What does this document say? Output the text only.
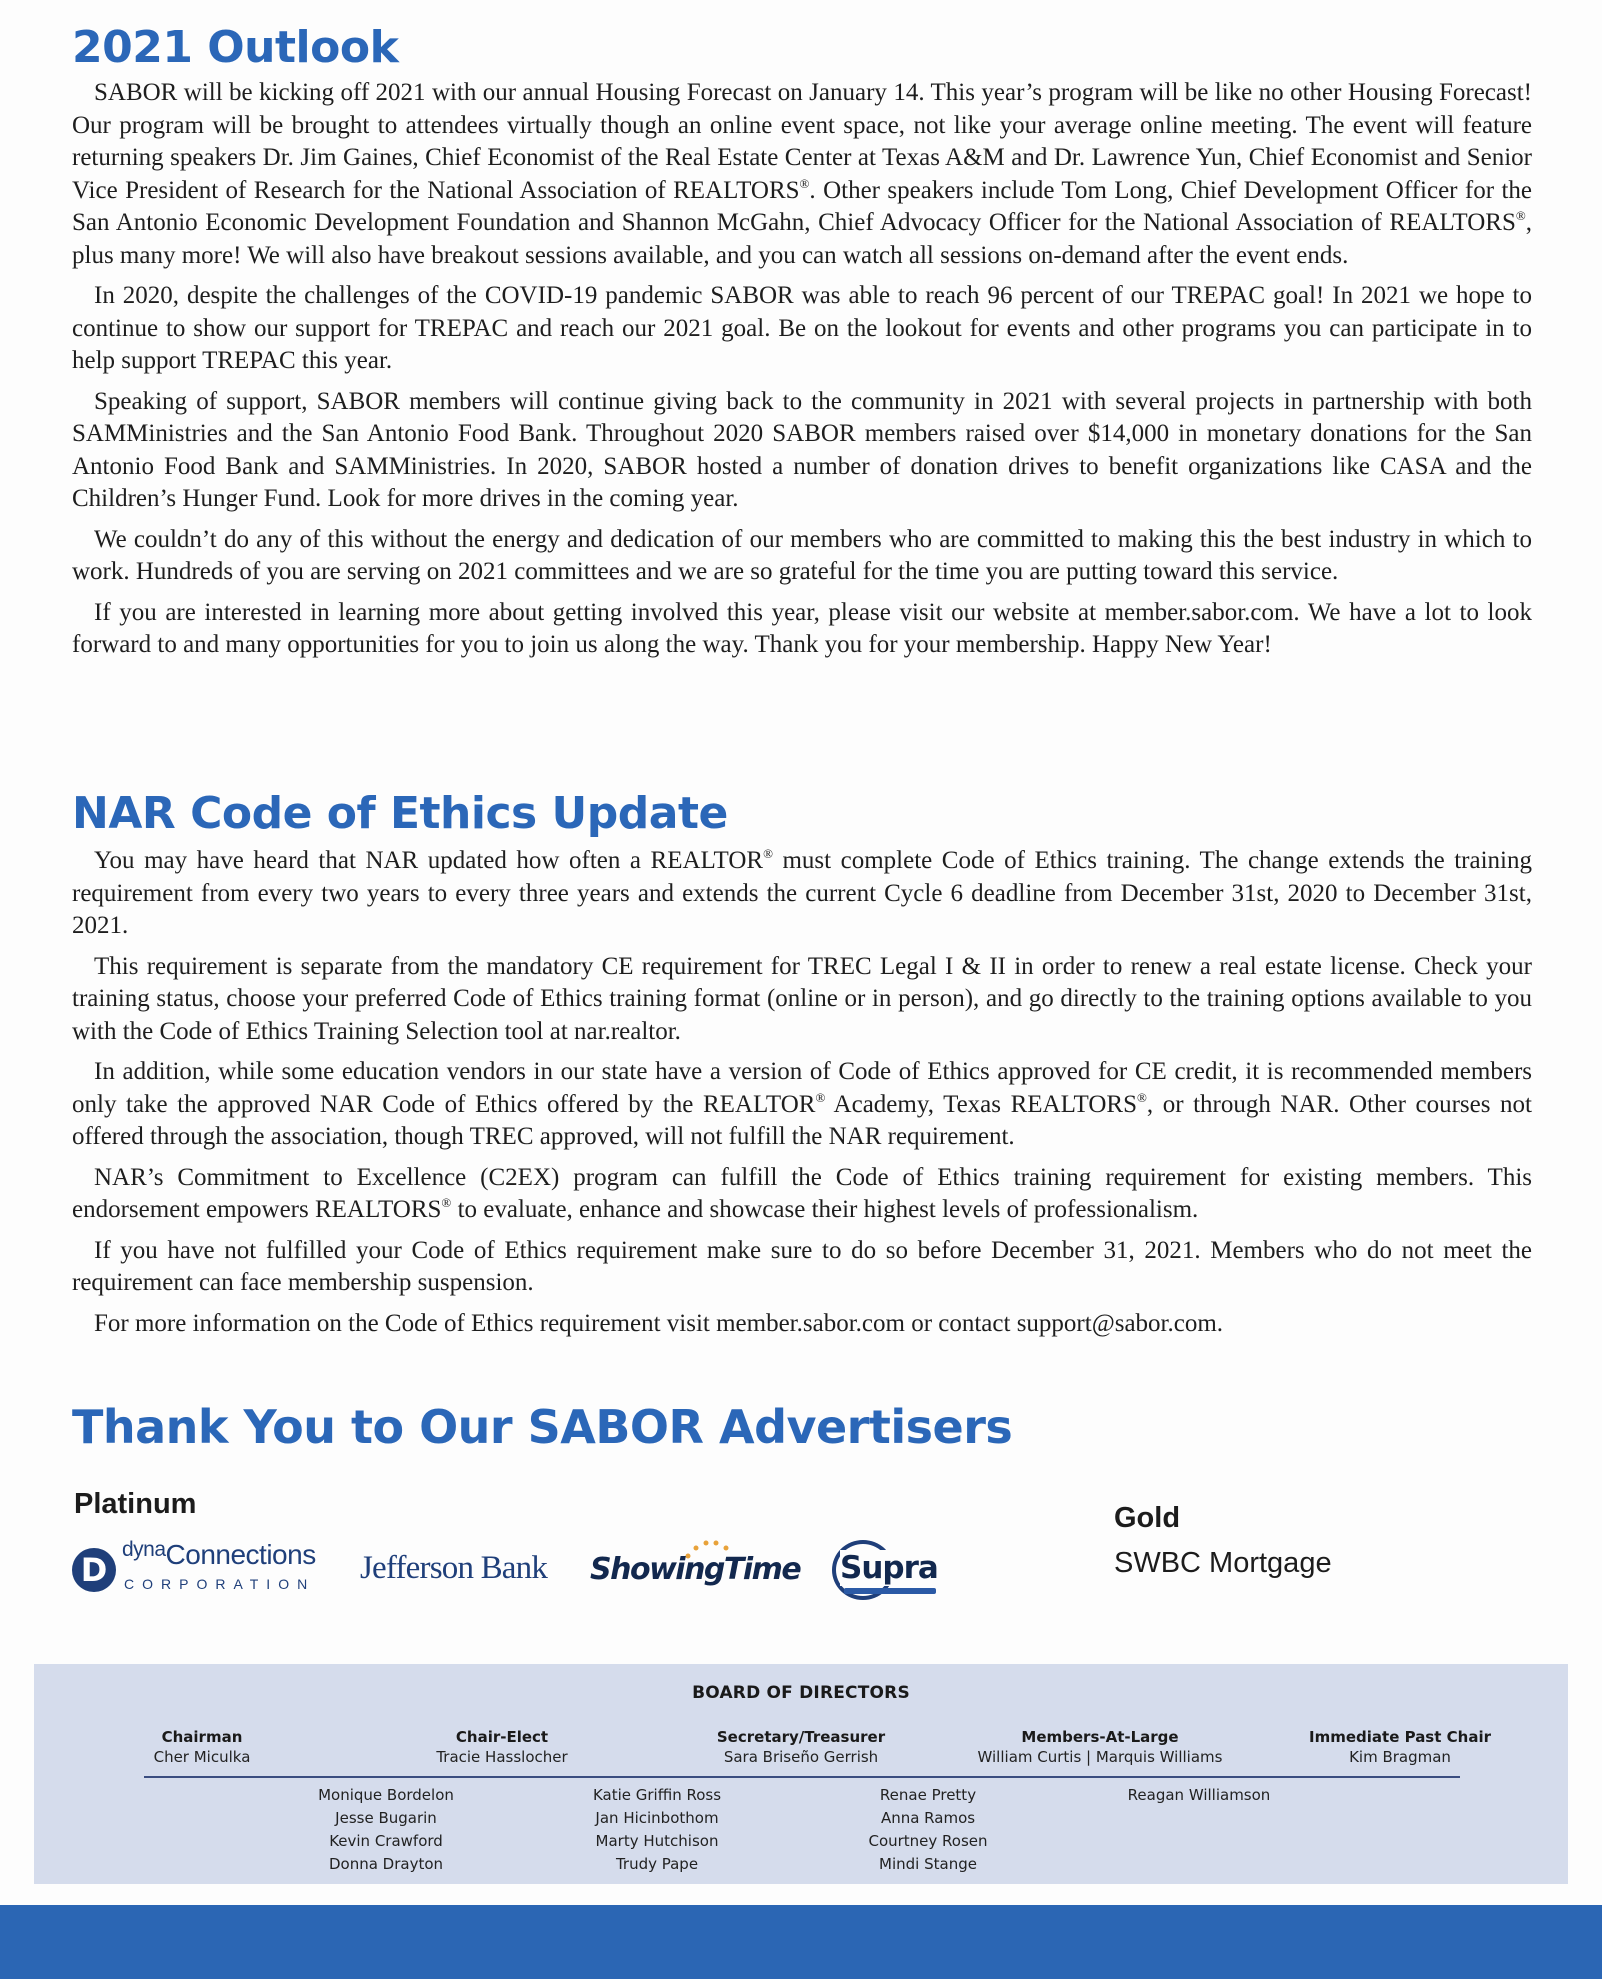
2021 Outlook

SABOR will be kicking off 2021 with our annual Housing Forecast on January 14. This year’s program will be like no other Housing Forecast! Our program will be brought to attendees virtually though an online event space, not like your average online meeting. The event will feature returning speakers Dr. Jim Gaines, Chief Economist of the Real Estate Center at Texas A&M and Dr. Lawrence Yun, Chief Economist and Senior Vice President of Research for the National Association of REALTORS®. Other speakers include Tom Long, Chief Development Officer for the San Antonio Economic Development Foundation and Shannon McGahn, Chief Advocacy Officer for the National Association of REALTORS®, plus many more! We will also have breakout sessions available, and you can watch all sessions on-demand after the event ends.

In 2020, despite the challenges of the COVID-19 pandemic SABOR was able to reach 96 percent of our TREPAC goal! In 2021 we hope to continue to show our support for TREPAC and reach our 2021 goal. Be on the lookout for events and other programs you can participate in to help support TREPAC this year.

Speaking of support, SABOR members will continue giving back to the community in 2021 with several projects in partnership with both SAMMinistries and the San Antonio Food Bank. Throughout 2020 SABOR members raised over $14,000 in monetary donations for the San Antonio Food Bank and SAMMinistries. In 2020, SABOR hosted a number of donation drives to benefit organizations like CASA and the Children’s Hunger Fund. Look for more drives in the coming year.

We couldn’t do any of this without the energy and dedication of our members who are committed to making this the best industry in which to work. Hundreds of you are serving on 2021 committees and we are so grateful for the time you are putting toward this service.

If you are interested in learning more about getting involved this year, please visit our website at member.sabor.com. We have a lot to look forward to and many opportunities for you to join us along the way. Thank you for your membership. Happy New Year!

NAR Code of Ethics Update

You may have heard that NAR updated how often a REALTOR® must complete Code of Ethics training. The change extends the training requirement from every two years to every three years and extends the current Cycle 6 deadline from December 31st, 2020 to December 31st, 2021.

This requirement is separate from the mandatory CE requirement for TREC Legal I & II in order to renew a real estate license. Check your training status, choose your preferred Code of Ethics training format (online or in person), and go directly to the training options available to you with the Code of Ethics Training Selection tool at nar.realtor.

In addition, while some education vendors in our state have a version of Code of Ethics approved for CE credit, it is recommended members only take the approved NAR Code of Ethics offered by the REALTOR® Academy, Texas REALTORS®, or through NAR. Other courses not offered through the association, though TREC approved, will not fulfill the NAR requirement.

NAR’s Commitment to Excellence (C2EX) program can fulfill the Code of Ethics training requirement for existing members. This endorsement empowers REALTORS® to evaluate, enhance and showcase their highest levels of professionalism.

If you have not fulfilled your Code of Ethics requirement make sure to do so before December 31, 2021. Members who do not meet the requirement can face membership suspension.

For more information on the Code of Ethics requirement visit member.sabor.com or contact support@sabor.com.

Thank You to Our SABOR Advertisers
Platinum	Gold
SWBC Mortgage
D
$^{dyna}$Connections
CORPORATION Jefferson Bank ShowingTime Supra
BOARD OF DIRECTORS
Chairman
Cher Miculka
Chair-Elect
Tracie Hasslocher
Secretary/Treasurer
Sara Briseño Gerrish
Members-At-Large
William Curtis | Marquis Williams
Immediate Past Chair
Kim Bragman
Monique Bordelon
Jesse Bugarin
Kevin Crawford
Donna Drayton
Katie Griffin Ross
Jan Hicinbothom
Marty Hutchison
Trudy Pape
Renae Pretty
Anna Ramos
Courtney Rosen
Mindi Stange
Reagan Williamson
